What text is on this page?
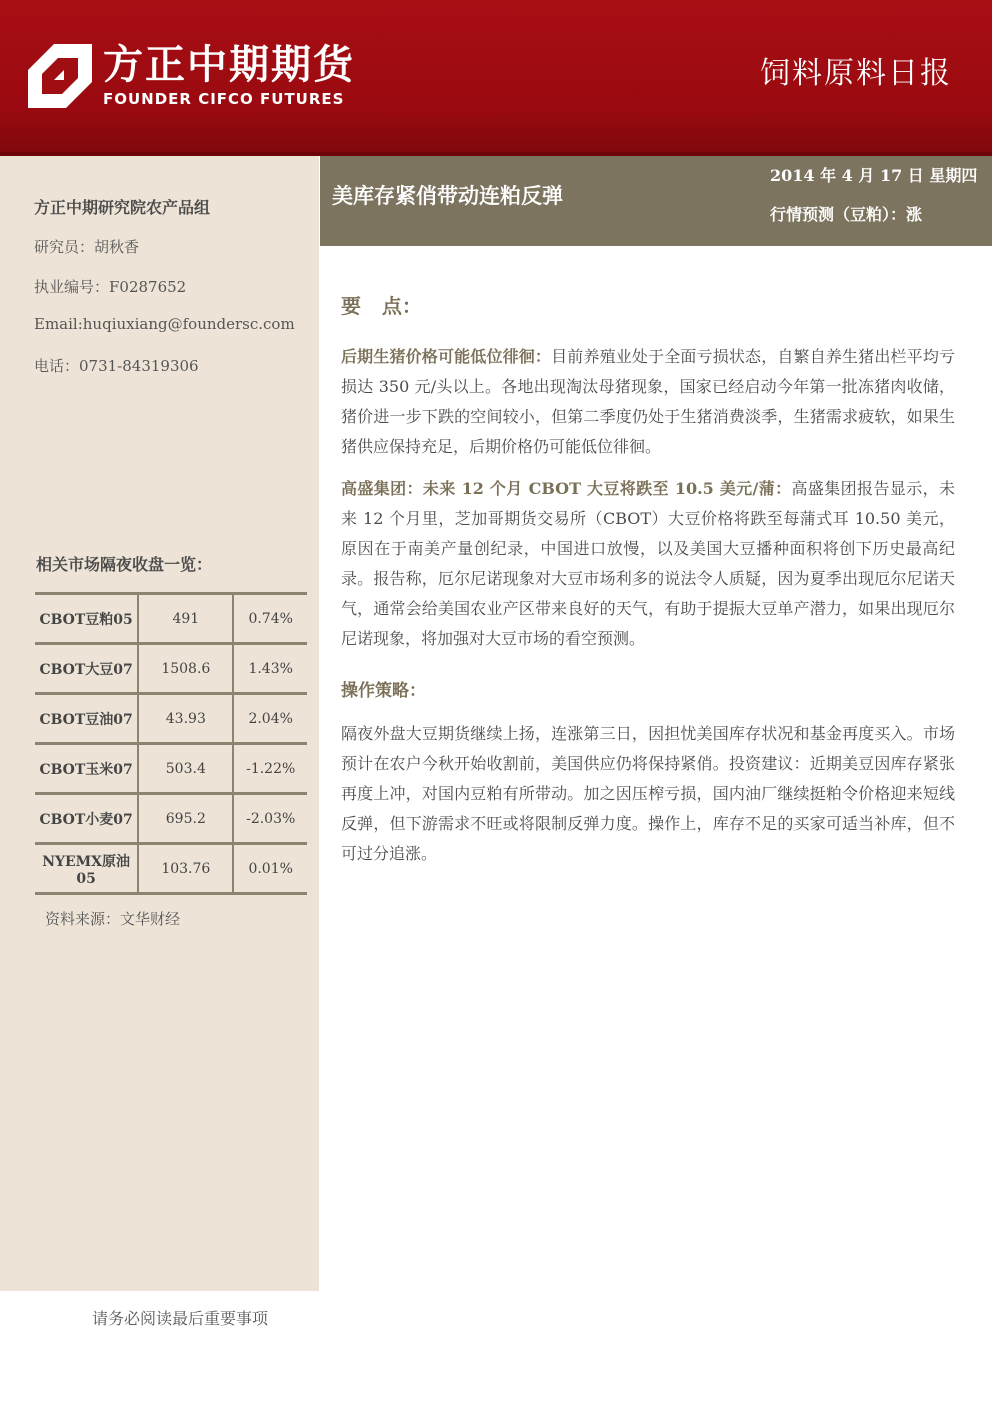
方正中期期货
FOUNDER CIFCO FUTURES
饲料原料日报
方正中期研究院农产品组
研究员：胡秋香
执业编号：F0287652
Email:huqiuxiang@foundersc.com
电话：0731-84319306
相关市场隔夜收盘一览：
CBOT豆粕05	491	0.74%
CBOT大豆07	1508.6	1.43%
CBOT豆油07	43.93	2.04%
CBOT玉米07	503.4	-1.22%
CBOT小麦07	695.2	-2.03%
NYEMX原油05	103.76	0.01%
资料来源：文华财经
请务必阅读最后重要事项
美库存紧俏带动连粕反弹
2014 年 4 月 17 日 星期四
行情预测（豆粕）：涨
要   点：

后期生猪价格可能低位徘徊：目前养殖业处于全面亏损状态，自繁自养生猪出栏平均亏损达 350 元/头以上。各地出现淘汰母猪现象，国家已经启动今年第一批冻猪肉收储，猪价进一步下跌的空间较小，但第二季度仍处于生猪消费淡季，生猪需求疲软，如果生猪供应保持充足，后期价格仍可能低位徘徊。

高盛集团：未来 12 个月 CBOT 大豆将跌至 10.5 美元/蒲：高盛集团报告显示，未来 12 个月里，芝加哥期货交易所（CBOT）大豆价格将跌至每蒲式耳 10.50 美元，原因在于南美产量创纪录，中国进口放慢，以及美国大豆播种面积将创下历史最高纪录。报告称，厄尔尼诺现象对大豆市场利多的说法令人质疑，因为夏季出现厄尔尼诺天气，通常会给美国农业产区带来良好的天气，有助于提振大豆单产潜力，如果出现厄尔尼诺现象，将加强对大豆市场的看空预测。

操作策略：

隔夜外盘大豆期货继续上扬，连涨第三日，因担忧美国库存状况和基金再度买入。市场预计在农户今秋开始收割前，美国供应仍将保持紧俏。投资建议：近期美豆因库存紧张再度上冲，对国内豆粕有所带动。加之因压榨亏损，国内油厂继续挺粕令价格迎来短线反弹，但下游需求不旺或将限制反弹力度。操作上，库存不足的买家可适当补库，但不可过分追涨。
